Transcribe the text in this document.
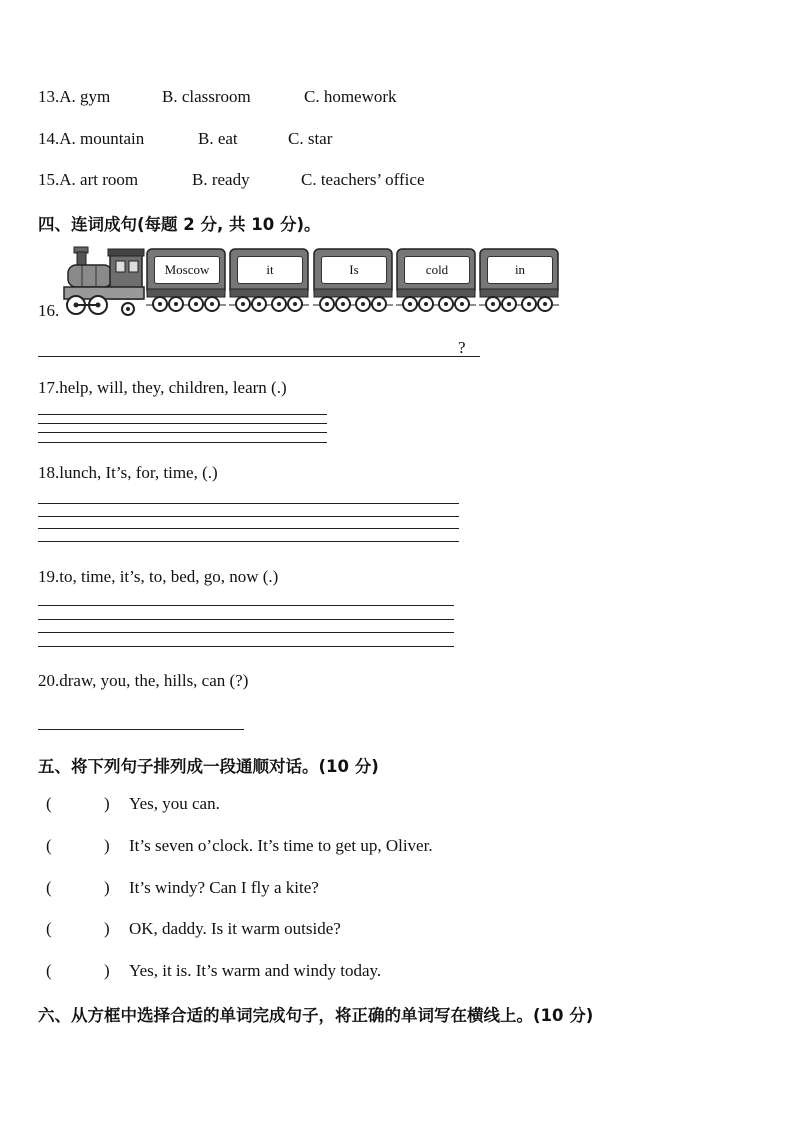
13.A. gym	B. classroom	C. homework
14.A. mountain	B. eat	C. star
15.A. art room	B. ready	C. teachers’ office
四、连词成句(每题 2 分, 共 10 分)。
16.
Moscow	it	Is	cold	in
?
17.help, will, they, children, learn (.)
18.lunch, It’s, for, time, (.)
19.to, time, it’s, to, bed, go, now (.)
20.draw, you, the, hills, can (?)
五、将下列句子排列成一段通顺对话。(10 分)
(	) Yes, you can.
(	) It’s seven o’clock. It’s time to get up, Oliver.
(	) It’s windy? Can I fly a kite?
(	) OK, daddy. Is it warm outside?
(	) Yes, it is. It’s warm and windy today.
六、从方框中选择合适的单词完成句子，将正确的单词写在横线上。(10 分)
